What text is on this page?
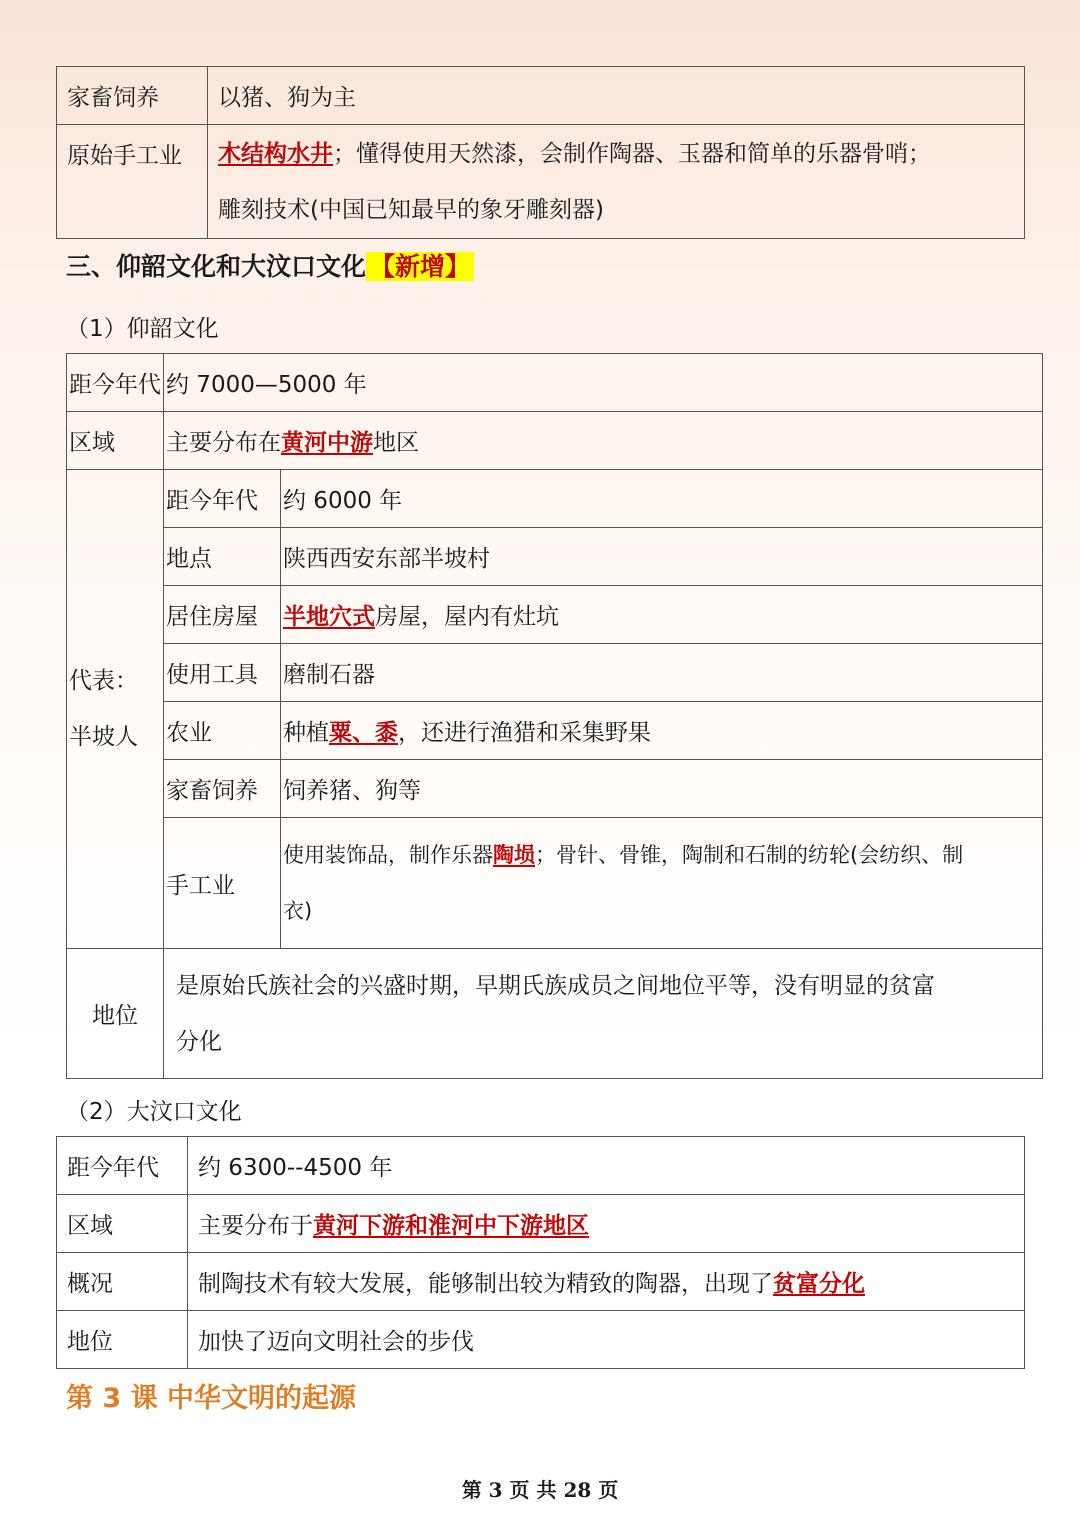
家畜饲养	以猪、狗为主
原始手工业	木结构水井；懂得使用天然漆，会制作陶器、玉器和简单的乐器骨哨；
雕刻技术(中国已知最早的象牙雕刻器)
三、仰韶文化和大汶口文化 【新增】

（1）仰韶文化

距今年代	约 7000—5000 年	
区域	主要分布在黄河中游地区	
代表：
半坡人	距今年代	约 6000 年
	地点	陕西西安东部半坡村
	居住房屋	半地穴式房屋，屋内有灶坑
	使用工具	磨制石器
	农业	种植粟、黍，还进行渔猎和采集野果
	家畜饲养	饲养猪、狗等
	手工业	使用装饰品，制作乐器陶埙；骨针、骨锥，陶制和石制的纺轮(会纺织、制
衣)
地位	是原始氏族社会的兴盛时期，早期氏族成员之间地位平等，没有明显的贫富
分化	

（2）大汶口文化

距今年代	约 6300--4500 年
区域	主要分布于黄河下游和淮河中下游地区
概况	制陶技术有较大发展，能够制出较为精致的陶器，出现了贫富分化
地位	加快了迈向文明社会的步伐
第 3 课 中华文明的起源
第 3 页 共 28 页
